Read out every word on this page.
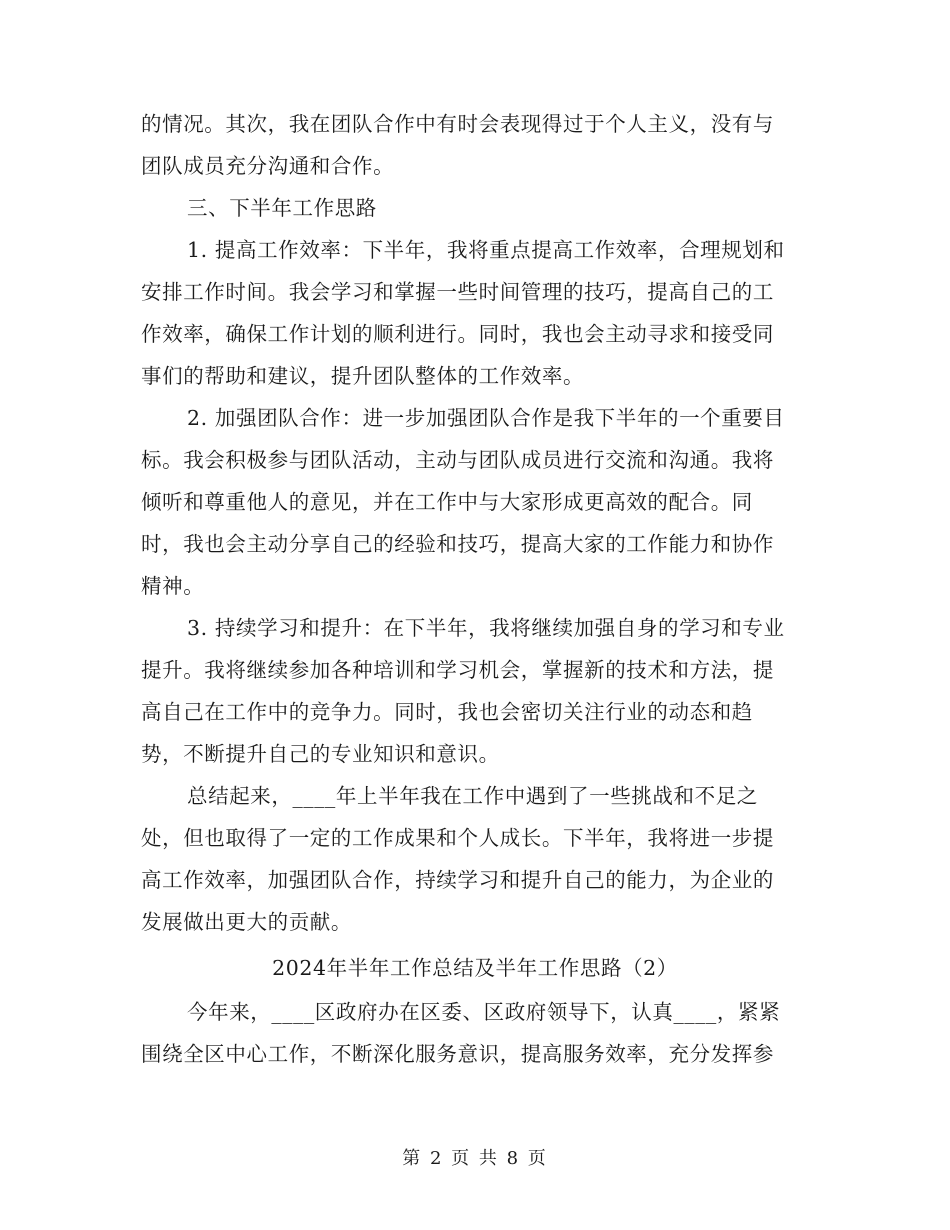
的情况。其次，我在团队合作中有时会表现得过于个人主义，没有与
团队成员充分沟通和合作。
三、下半年工作思路
1. 提高工作效率：下半年，我将重点提高工作效率，合理规划和
安排工作时间。我会学习和掌握一些时间管理的技巧，提高自己的工
作效率，确保工作计划的顺利进行。同时，我也会主动寻求和接受同
事们的帮助和建议，提升团队整体的工作效率。
2. 加强团队合作：进一步加强团队合作是我下半年的一个重要目
标。我会积极参与团队活动，主动与团队成员进行交流和沟通。我将
倾听和尊重他人的意见，并在工作中与大家形成更高效的配合。同
时，我也会主动分享自己的经验和技巧，提高大家的工作能力和协作
精神。
3. 持续学习和提升：在下半年，我将继续加强自身的学习和专业
提升。我将继续参加各种培训和学习机会，掌握新的技术和方法，提
高自己在工作中的竞争力。同时，我也会密切关注行业的动态和趋
势，不断提升自己的专业知识和意识。
总结起来，____年上半年我在工作中遇到了一些挑战和不足之
处，但也取得了一定的工作成果和个人成长。下半年，我将进一步提
高工作效率，加强团队合作，持续学习和提升自己的能力，为企业的
发展做出更大的贡献。
2024年半年工作总结及半年工作思路（2）
今年来，____区政府办在区委、区政府领导下，认真____，紧紧
围绕全区中心工作，不断深化服务意识，提高服务效率，充分发挥参
第 2 页 共 8 页
